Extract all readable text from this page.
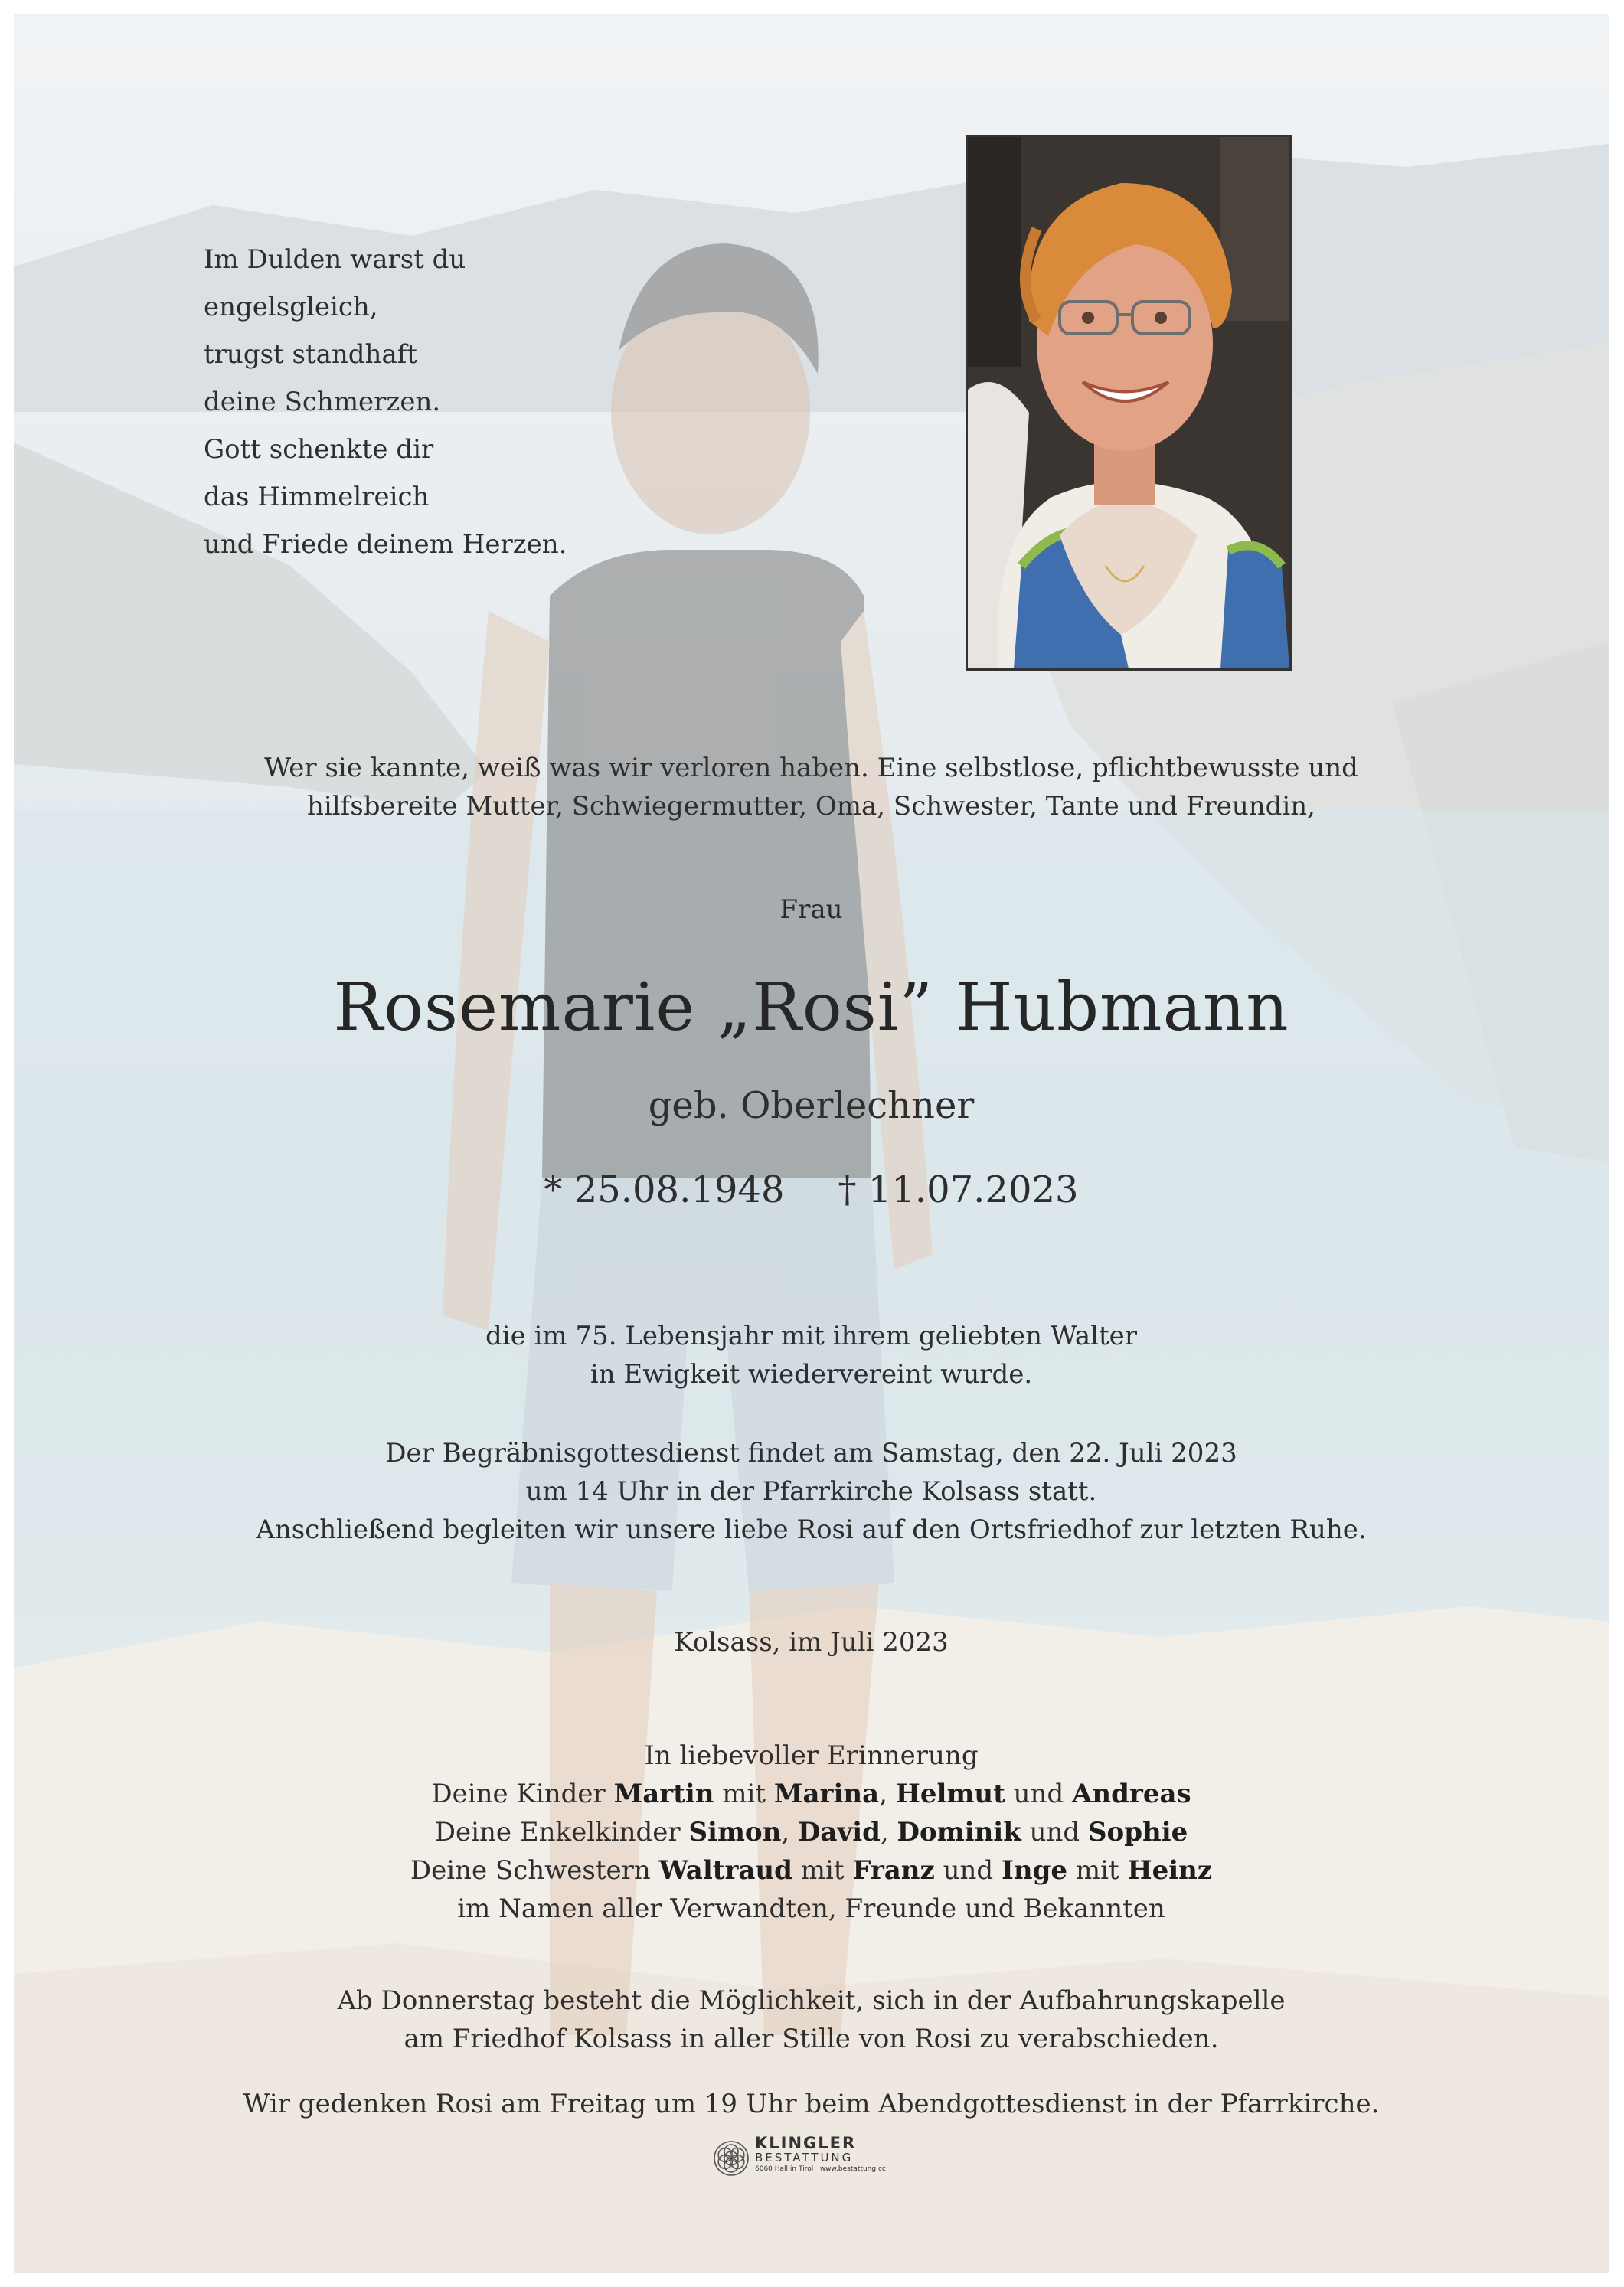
Im Dulden warst du
engelsgleich,
trugst standhaft
deine Schmerzen.
Gott schenkte dir
das Himmelreich
und Friede deinem Herzen.
Wer sie kannte, weiß was wir verloren haben. Eine selbstlose, pflichtbewusste und
hilfsbereite Mutter, Schwiegermutter, Oma, Schwester, Tante und Freundin,
Frau
Rosemarie „Rosi” Hubmann
geb. Oberlechner
* 25.08.1948 † 11.07.2023
die im 75. Lebensjahr mit ihrem geliebten Walter
in Ewigkeit wiedervereint wurde.
Der Begräbnisgottesdienst findet am Samstag, den 22. Juli 2023
um 14 Uhr in der Pfarrkirche Kolsass statt.
Anschließend begleiten wir unsere liebe Rosi auf den Ortsfriedhof zur letzten Ruhe.
Kolsass, im Juli 2023
In liebevoller Erinnerung
Deine Kinder Martin mit Marina, Helmut und Andreas
Deine Enkelkinder Simon, David, Dominik und Sophie
Deine Schwestern Waltraud mit Franz und Inge mit Heinz
im Namen aller Verwandten, Freunde und Bekannten
Ab Donnerstag besteht die Möglichkeit, sich in der Aufbahrungskapelle
am Friedhof Kolsass in aller Stille von Rosi zu verabschieden.
Wir gedenken Rosi am Freitag um 19 Uhr beim Abendgottesdienst in der Pfarrkirche.
KLINGLER
BESTATTUNG
6060 Hall in Tirol www.bestattung.cc
